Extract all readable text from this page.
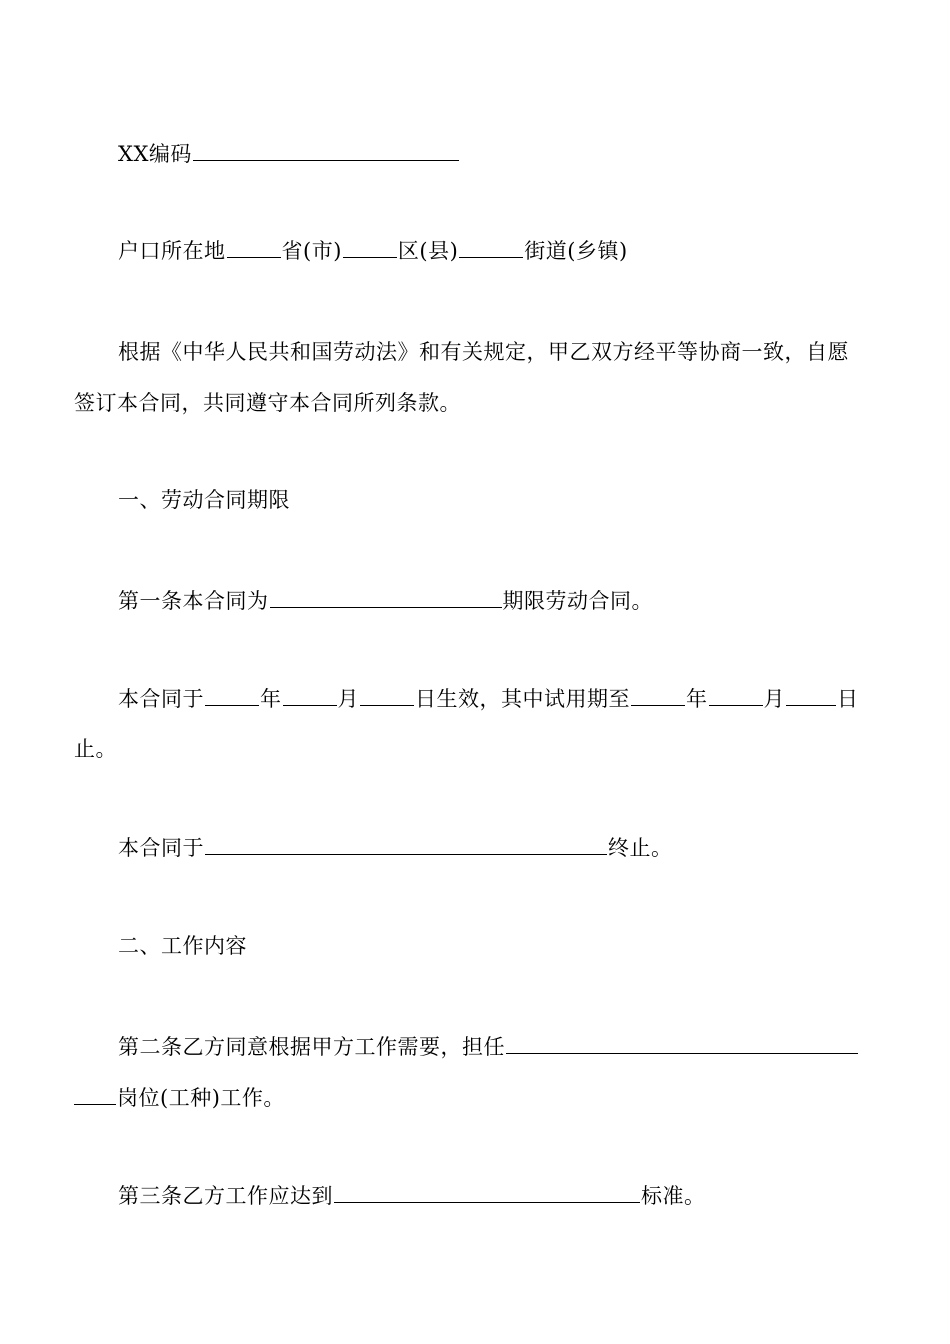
XX编码
户口所在地	省(市)	区(县)	街道(乡镇)
根据《中华人民共和国劳动法》和有关规定，甲乙双方经平等协商一致，自愿
签订本合同，共同遵守本合同所列条款。
一、劳动合同期限
第一条本合同为	期限劳动合同。
本合同于	年	月	日生效，其中试用期至	年	月 日
止。
本合同于	终止。
二、工作内容
第二条乙方同意根据甲方工作需要，担任
岗位(工种)工作。
第三条乙方工作应达到	标准。
